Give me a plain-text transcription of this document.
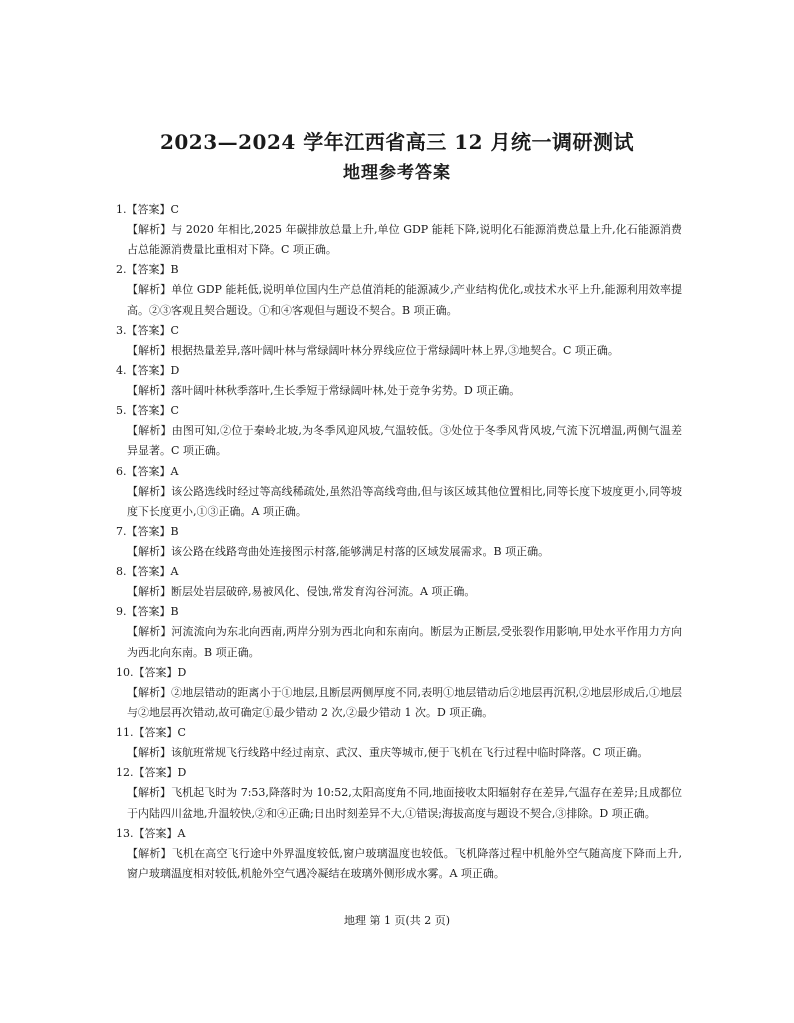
2023—2024 学年江西省高三 12 月统一调研测试
地理参考答案
1.【答案】C
【解析】与 2020 年相比,2025 年碳排放总量上升,单位 GDP 能耗下降,说明化石能源消费总量上升,化石能源消费占总能源消费量比重相对下降。C 项正确。
2.【答案】B
【解析】单位 GDP 能耗低,说明单位国内生产总值消耗的能源减少,产业结构优化,或技术水平上升,能源利用效率提高。②③客观且契合题设。①和④客观但与题设不契合。B 项正确。
3.【答案】C
【解析】根据热量差异,落叶阔叶林与常绿阔叶林分界线应位于常绿阔叶林上界,③地契合。C 项正确。
4.【答案】D
【解析】落叶阔叶林秋季落叶,生长季短于常绿阔叶林,处于竞争劣势。D 项正确。
5.【答案】C
【解析】由图可知,②位于秦岭北坡,为冬季风迎风坡,气温较低。③处位于冬季风背风坡,气流下沉增温,两侧气温差异显著。C 项正确。
6.【答案】A
【解析】该公路选线时经过等高线稀疏处,虽然沿等高线弯曲,但与该区域其他位置相比,同等长度下坡度更小,同等坡度下长度更小,①③正确。A 项正确。
7.【答案】B
【解析】该公路在线路弯曲处连接图示村落,能够满足村落的区域发展需求。B 项正确。
8.【答案】A
【解析】断层处岩层破碎,易被风化、侵蚀,常发育沟谷河流。A 项正确。
9.【答案】B
【解析】河流流向为东北向西南,两岸分别为西北向和东南向。断层为正断层,受张裂作用影响,甲处水平作用力方向为西北向东南。B 项正确。
10.【答案】D
【解析】②地层错动的距离小于①地层,且断层两侧厚度不同,表明①地层错动后②地层再沉积,②地层形成后,①地层与②地层再次错动,故可确定①最少错动 2 次,②最少错动 1 次。D 项正确。
11.【答案】C
【解析】该航班常规飞行线路中经过南京、武汉、重庆等城市,便于飞机在飞行过程中临时降落。C 项正确。
12.【答案】D
【解析】飞机起飞时为 7:53,降落时为 10:52,太阳高度角不同,地面接收太阳辐射存在差异,气温存在差异;且成都位于内陆四川盆地,升温较快,②和④正确;日出时刻差异不大,①错误;海拔高度与题设不契合,③排除。D 项正确。
13.【答案】A
【解析】飞机在高空飞行途中外界温度较低,窗户玻璃温度也较低。飞机降落过程中机舱外空气随高度下降而上升,窗户玻璃温度相对较低,机舱外空气遇冷凝结在玻璃外侧形成水雾。A 项正确。
地理 第 1 页(共 2 页)
